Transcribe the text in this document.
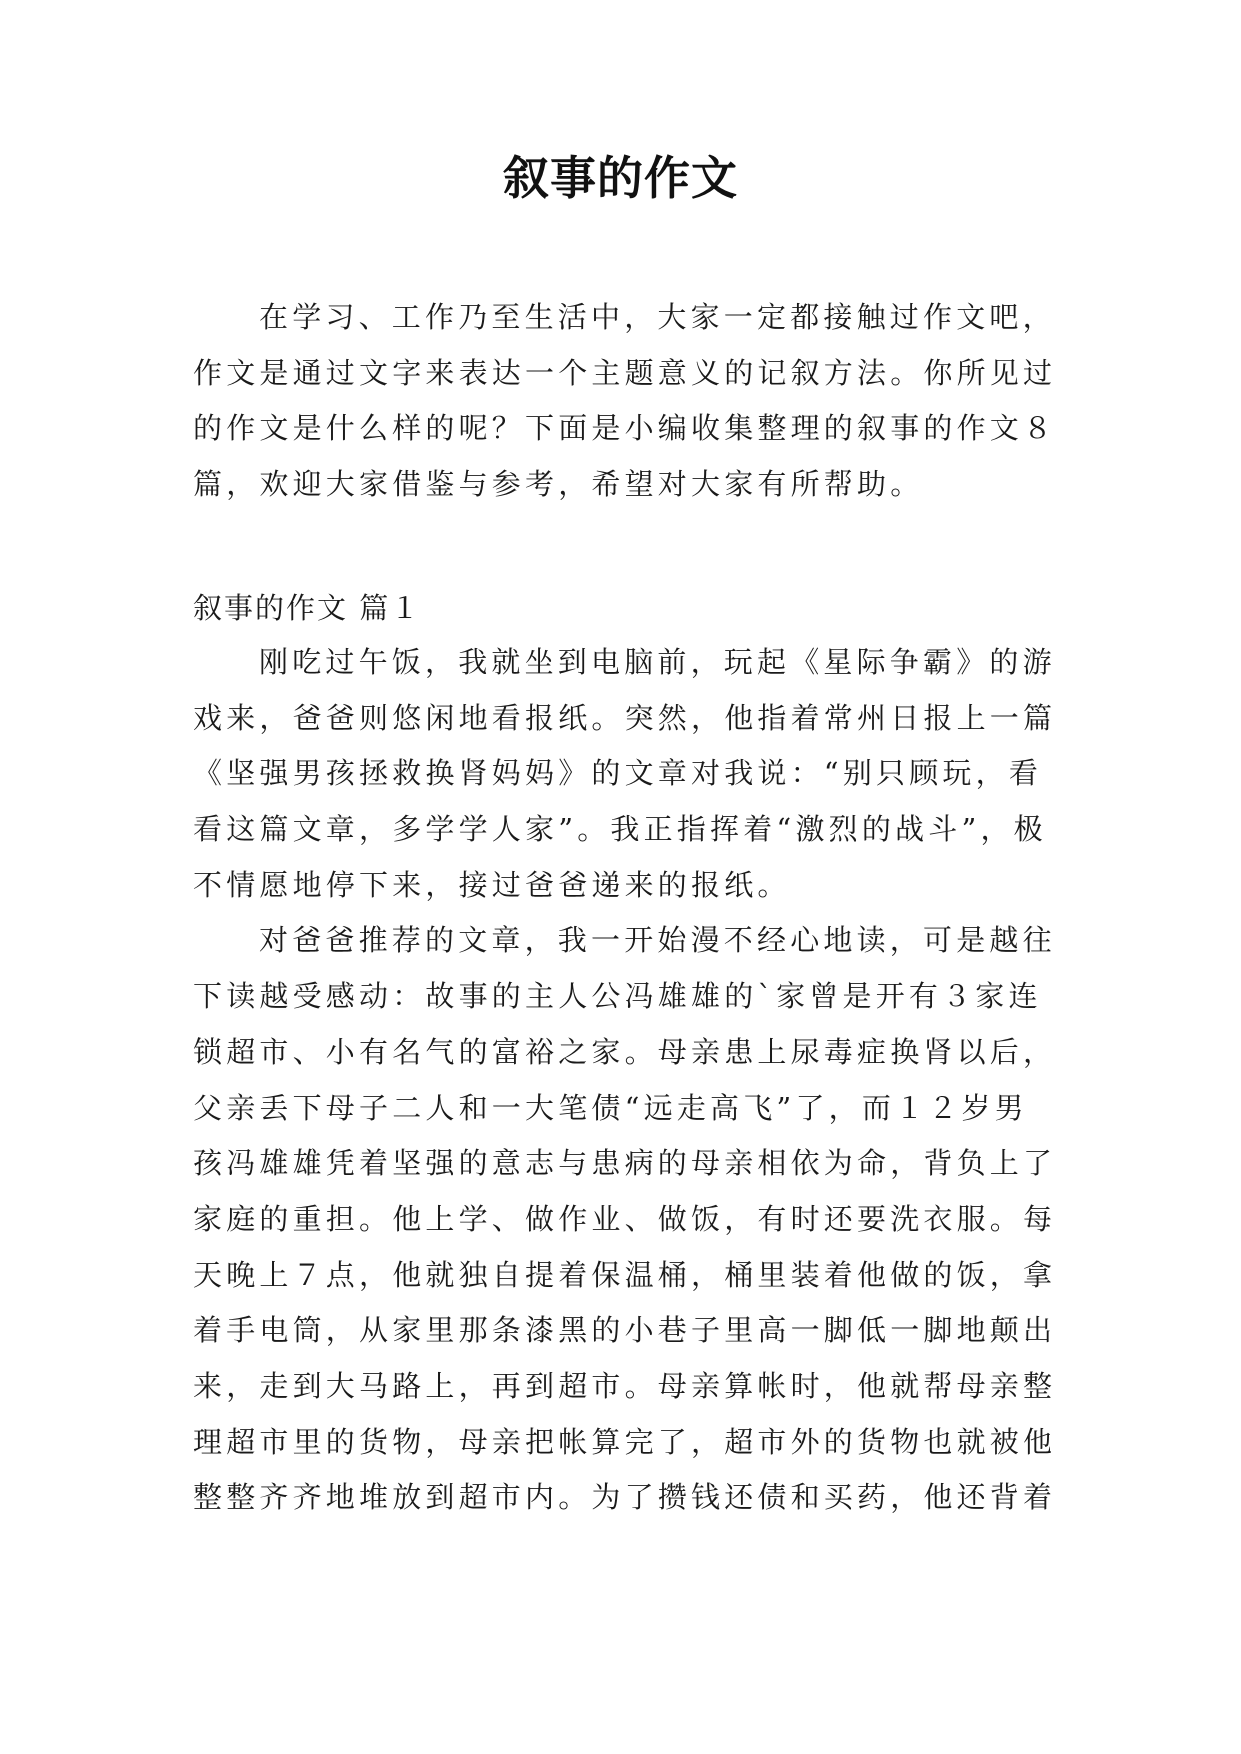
叙事的作文
在学习、工作乃至生活中，大家一定都接触过作文吧，
作文是通过文字来表达一个主题意义的记叙方法。你所见过
的作文是什么样的呢？下面是小编收集整理的叙事的作文８
篇，欢迎大家借鉴与参考，希望对大家有所帮助。
叙事的作文 篇１
刚吃过午饭，我就坐到电脑前，玩起《星际争霸》的游
戏来，爸爸则悠闲地看报纸。突然，他指着常州日报上一篇
《坚强男孩拯救换肾妈妈》的文章对我说：“别只顾玩，看
看这篇文章，多学学人家”。我正指挥着“激烈的战斗”，极
不情愿地停下来，接过爸爸递来的报纸。
对爸爸推荐的文章，我一开始漫不经心地读，可是越往
下读越受感动：故事的主人公冯雄雄的`家曾是开有３家连
锁超市、小有名气的富裕之家。母亲患上尿毒症换肾以后，
父亲丢下母子二人和一大笔债“远走高飞”了，而１２岁男
孩冯雄雄凭着坚强的意志与患病的母亲相依为命，背负上了
家庭的重担。他上学、做作业、做饭，有时还要洗衣服。每
天晚上７点，他就独自提着保温桶，桶里装着他做的饭，拿
着手电筒，从家里那条漆黑的小巷子里高一脚低一脚地颠出
来，走到大马路上，再到超市。母亲算帐时，他就帮母亲整
理超市里的货物，母亲把帐算完了，超市外的货物也就被他
整整齐齐地堆放到超市内。为了攒钱还债和买药，他还背着
